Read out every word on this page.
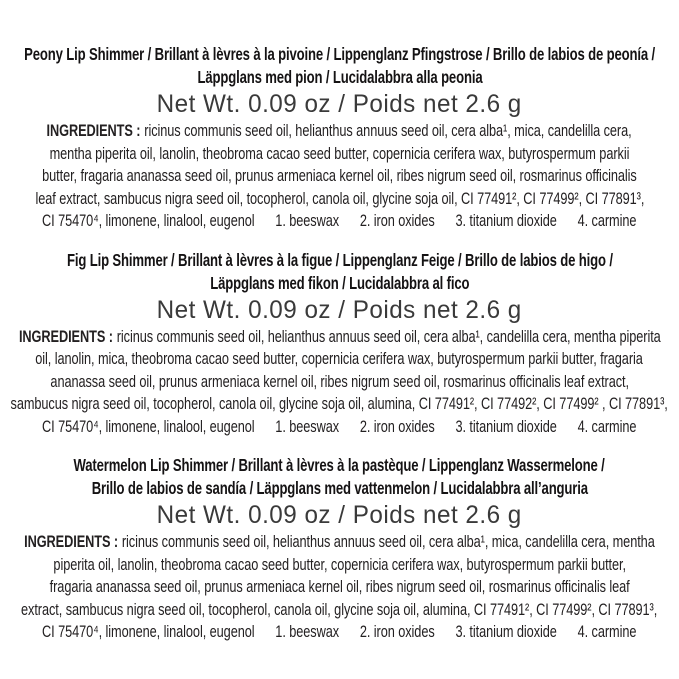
Peony Lip Shimmer / Brillant à lèvres à la pivoine / Lippenglanz Pfingstrose / Brillo de labios de peonía /
Läppglans med pion / Lucidalabbra alla peonia
Net Wt. 0.09 oz / Poids net 2.6 g
INGREDIENTS : ricinus communis seed oil, helianthus annuus seed oil, cera alba¹, mica, candelilla cera,
mentha piperita oil, lanolin, theobroma cacao seed butter, copernicia cerifera wax, butyrospermum parkii
butter, fragaria ananassa seed oil, prunus armeniaca kernel oil, ribes nigrum seed oil, rosmarinus officinalis
leaf extract, sambucus nigra seed oil, tocopherol, canola oil, glycine soja oil, CI 77491², CI 77499², CI 77891³,
CI 75470⁴, limonene, linalool, eugenol      1. beeswax      2. iron oxides      3. titanium dioxide      4. carmine
Fig Lip Shimmer / Brillant à lèvres à la figue / Lippenglanz Feige / Brillo de labios de higo /
Läppglans med fikon / Lucidalabbra al fico
Net Wt. 0.09 oz / Poids net 2.6 g
INGREDIENTS : ricinus communis seed oil, helianthus annuus seed oil, cera alba¹, candelilla cera, mentha piperita
oil, lanolin, mica, theobroma cacao seed butter, copernicia cerifera wax, butyrospermum parkii butter, fragaria
ananassa seed oil, prunus armeniaca kernel oil, ribes nigrum seed oil, rosmarinus officinalis leaf extract,
sambucus nigra seed oil, tocopherol, canola oil, glycine soja oil, alumina, CI 77491², CI 77492², CI 77499² , CI 77891³,
CI 75470⁴, limonene, linalool, eugenol      1. beeswax      2. iron oxides      3. titanium dioxide      4. carmine
Watermelon Lip Shimmer / Brillant à lèvres à la pastèque / Lippenglanz Wassermelone /
Brillo de labios de sandía / Läppglans med vattenmelon / Lucidalabbra all’anguria
Net Wt. 0.09 oz / Poids net 2.6 g
INGREDIENTS : ricinus communis seed oil, helianthus annuus seed oil, cera alba¹, mica, candelilla cera, mentha
piperita oil, lanolin, theobroma cacao seed butter, copernicia cerifera wax, butyrospermum parkii butter,
fragaria ananassa seed oil, prunus armeniaca kernel oil, ribes nigrum seed oil, rosmarinus officinalis leaf
extract, sambucus nigra seed oil, tocopherol, canola oil, glycine soja oil, alumina, CI 77491², CI 77499², CI 77891³,
CI 75470⁴, limonene, linalool, eugenol      1. beeswax      2. iron oxides      3. titanium dioxide      4. carmine
